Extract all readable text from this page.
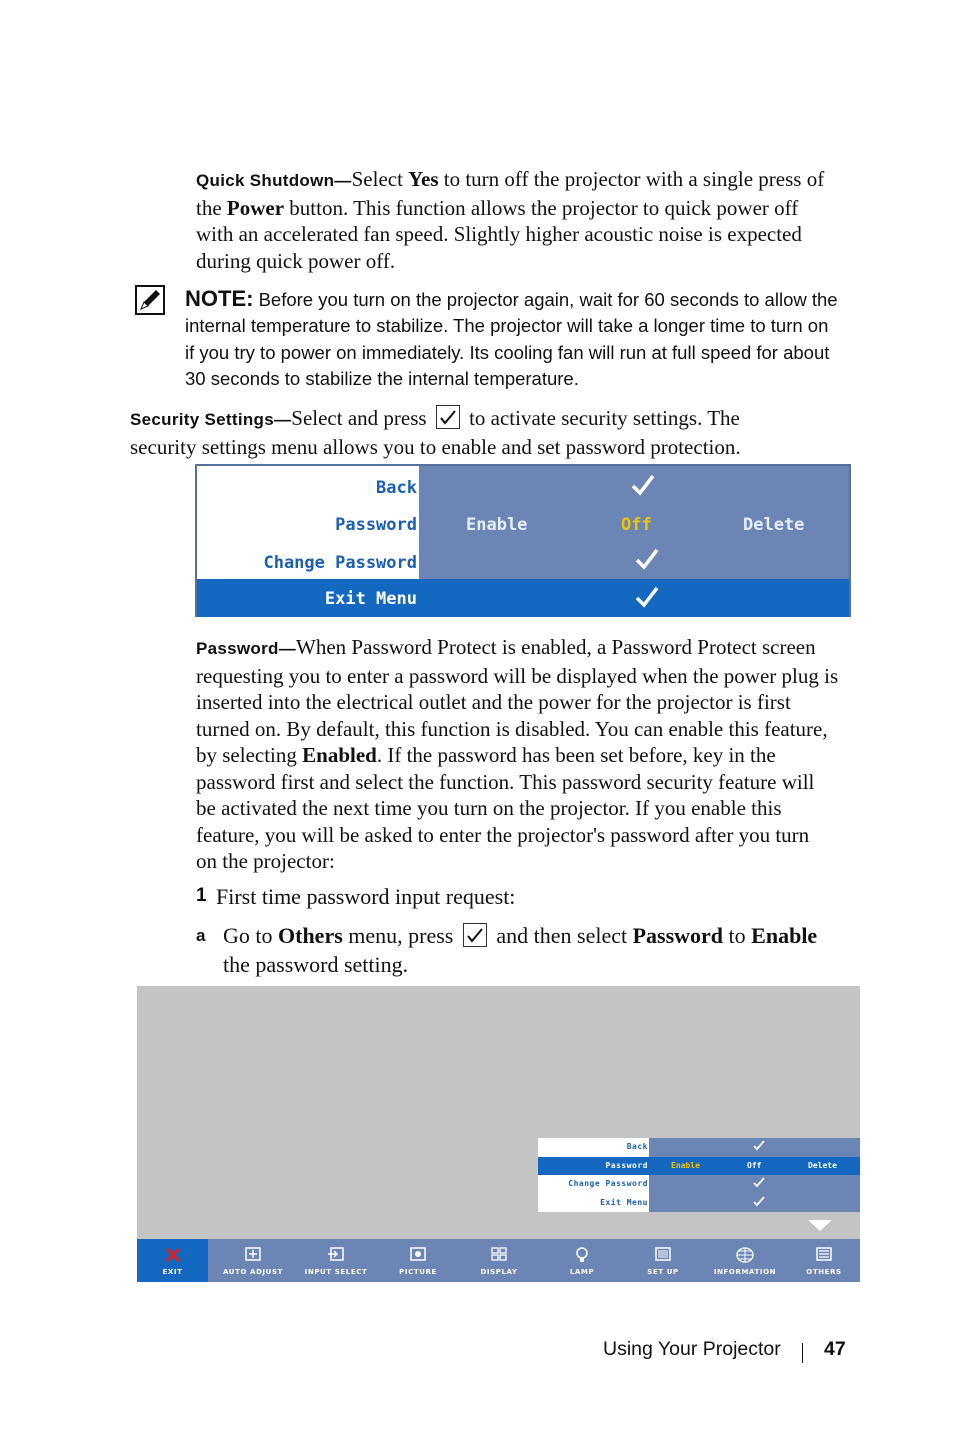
Quick Shutdown—Select Yes to turn off the projector with a single press of
the Power button. This function allows the projector to quick power off
with an accelerated fan speed. Slightly higher acoustic noise is expected
during quick power off.
NOTE: Before you turn on the projector again, wait for 60 seconds to allow the
internal temperature to stabilize. The projector will take a longer time to turn on
if you try to power on immediately. Its cooling fan will run at full speed for about
30 seconds to stabilize the internal temperature.
Security Settings—Select and press
to activate security settings. The
security settings menu allows you to enable and set password protection.
Back
Password	Enable	Off	Delete
Change Password
Exit Menu
Password—When Password Protect is enabled, a Password Protect screen
requesting you to enter a password will be displayed when the power plug is
inserted into the electrical outlet and the power for the projector is first
turned on. By default, this function is disabled. You can enable this feature,
by selecting Enabled. If the password has been set before, key in the
password first and select the function. This password security feature will
be activated the next time you turn on the projector. If you enable this
feature, you will be asked to enter the projector's password after you turn
on the projector:
1 First time password input request:
a Go to Others menu, press
and then select Password to Enable
the password setting.
Back
Password	Enable	Off	Delete
Change Password
Exit Menu
EXIT	AUTO ADJUST	INPUT SELECT	PICTURE	DISPLAY	LAMP	SET UP	INFORMATION	OTHERS
Using Your Projector 47
